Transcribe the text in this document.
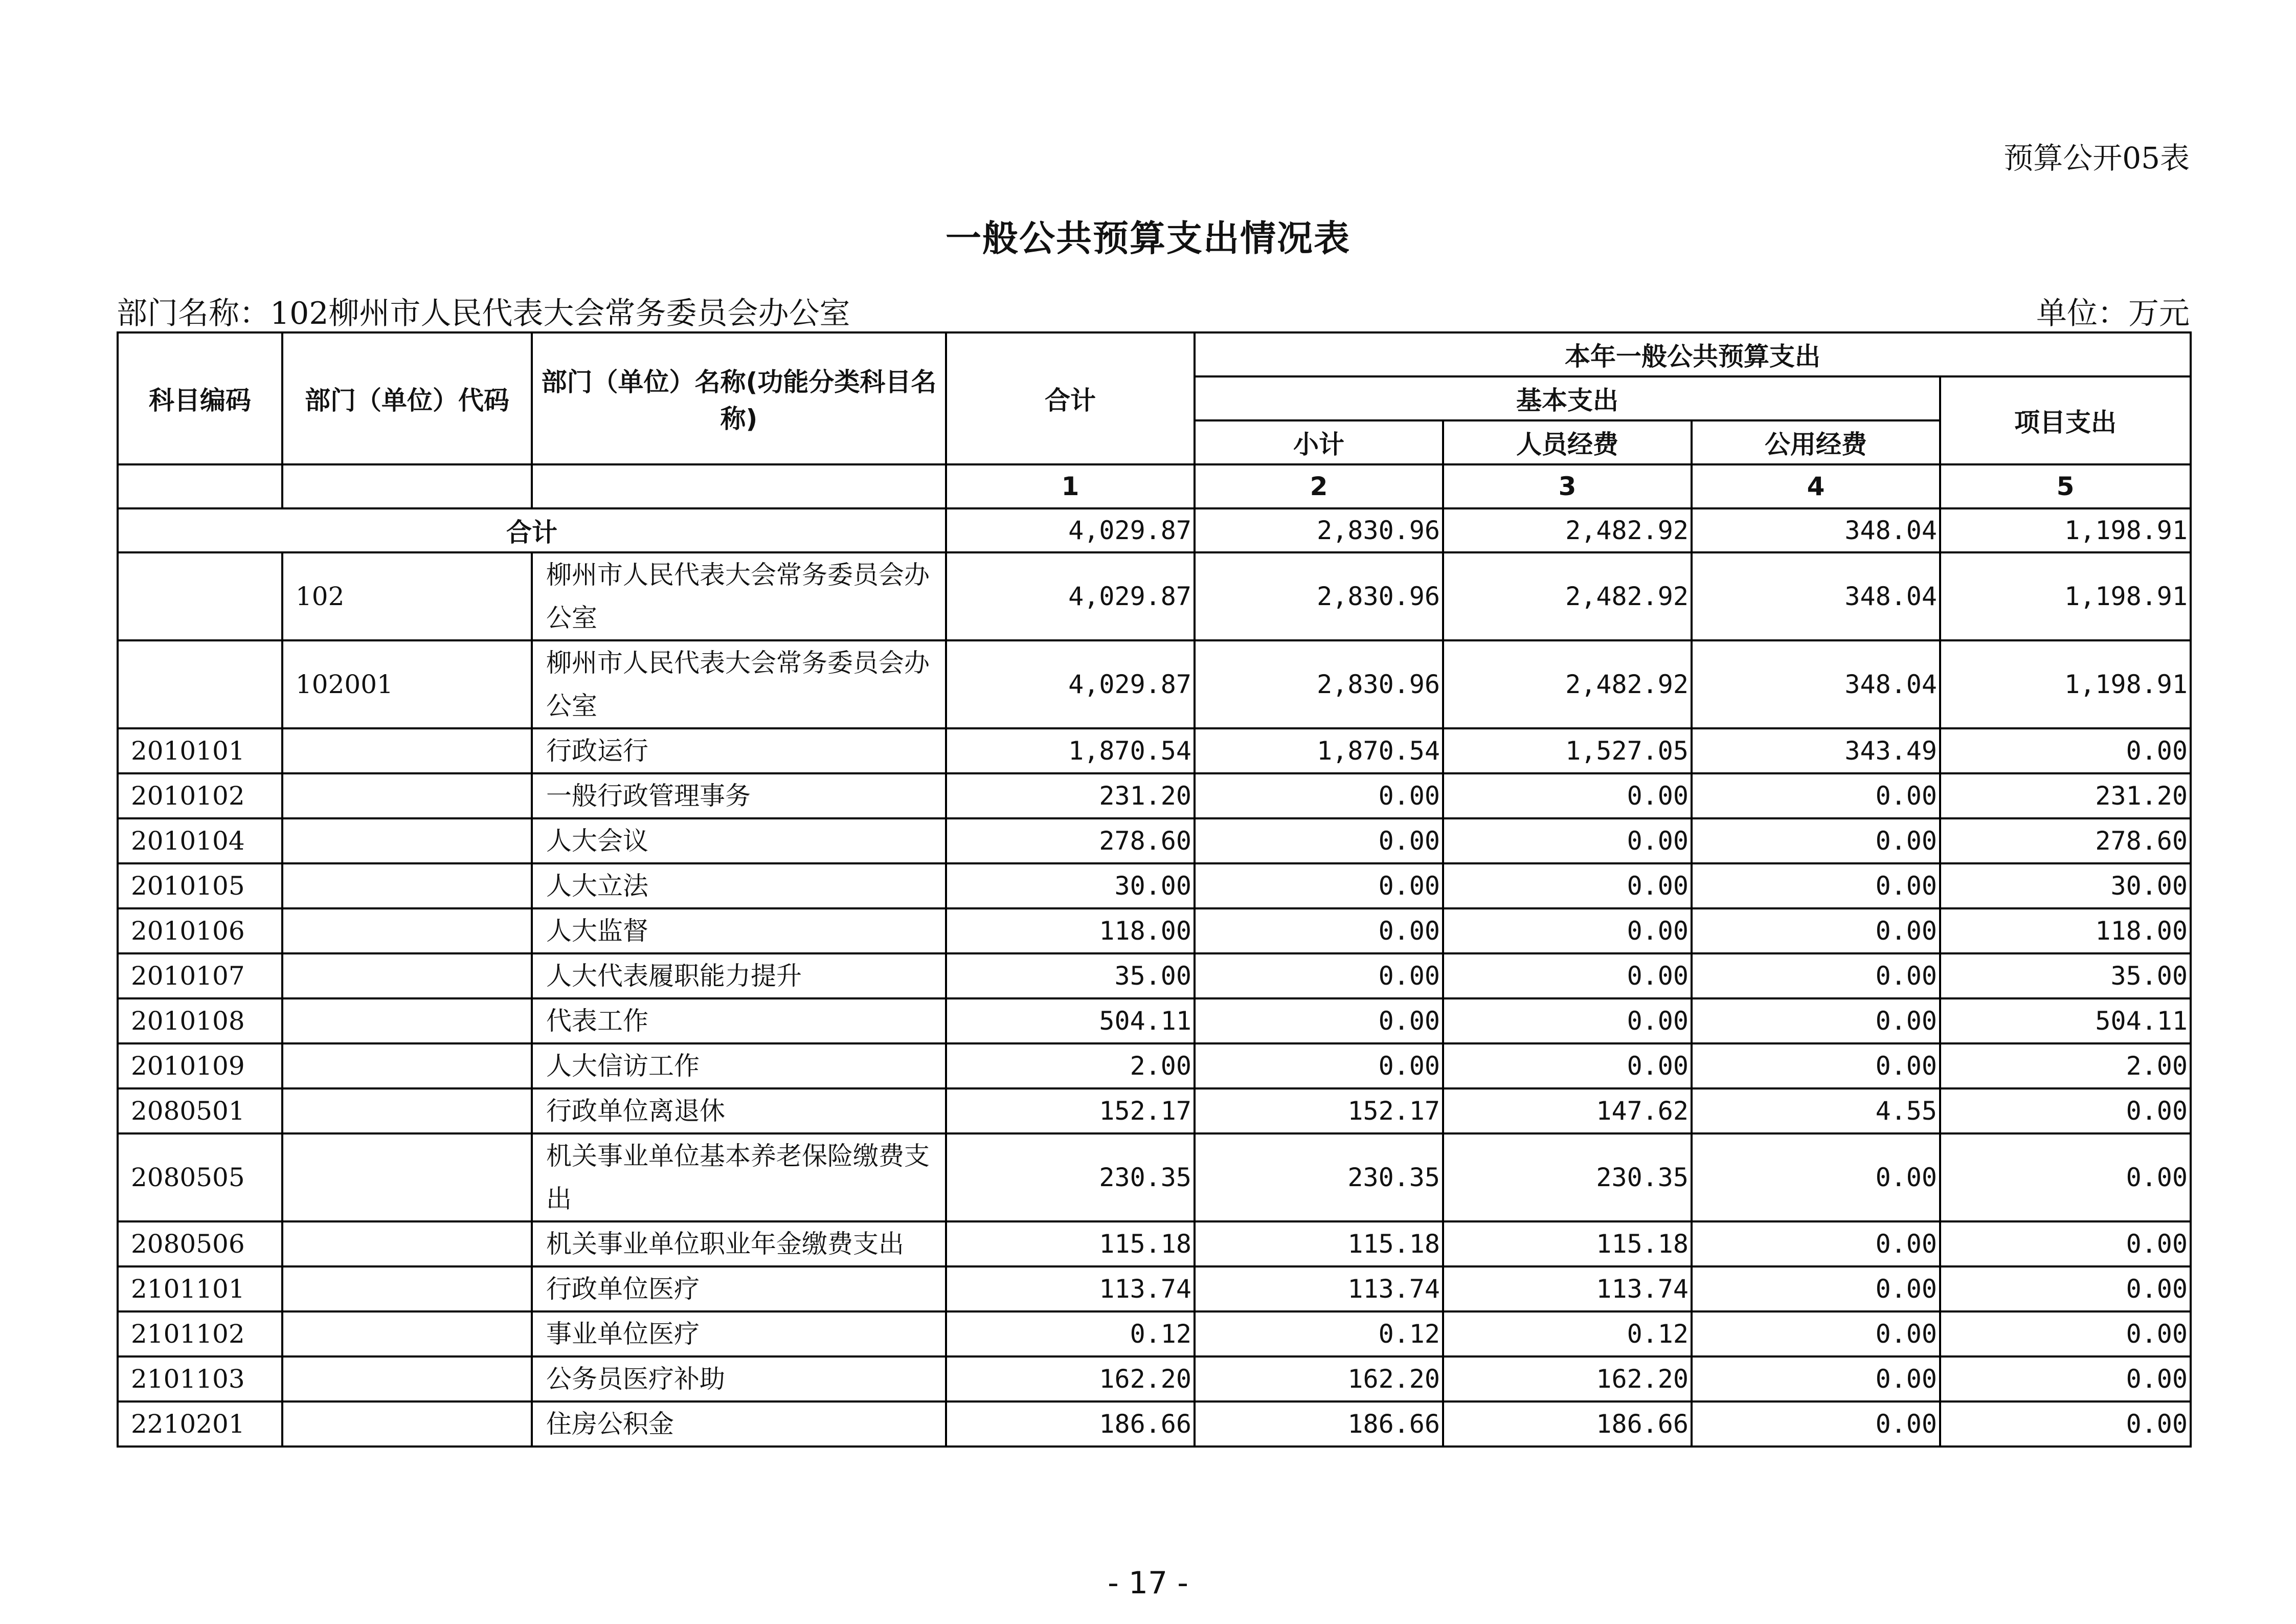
预算公开05表
一般公共预算支出情况表
部门名称：102柳州市人民代表大会常务委员会办公室	单位：万元
科目编码	部门（单位）代码	部门（单位）名称(功能分类科目名称)	合计	本年一般公共预算支出			
				基本支出			项目支出
				小计	人员经费	公用经费	
			1	2	3	4	5
合计			4,029.87	2,830.96	2,482.92	348.04	1,198.91
	102	柳州市人民代表大会常务委员会办公室	4,029.87	2,830.96	2,482.92	348.04	1,198.91
	102001	柳州市人民代表大会常务委员会办公室	4,029.87	2,830.96	2,482.92	348.04	1,198.91
2010101		行政运行	1,870.54	1,870.54	1,527.05	343.49	0.00
2010102		一般行政管理事务	231.20	0.00	0.00	0.00	231.20
2010104		人大会议	278.60	0.00	0.00	0.00	278.60
2010105		人大立法	30.00	0.00	0.00	0.00	30.00
2010106		人大监督	118.00	0.00	0.00	0.00	118.00
2010107		人大代表履职能力提升	35.00	0.00	0.00	0.00	35.00
2010108		代表工作	504.11	0.00	0.00	0.00	504.11
2010109		人大信访工作	2.00	0.00	0.00	0.00	2.00
2080501		行政单位离退休	152.17	152.17	147.62	4.55	0.00
2080505		机关事业单位基本养老保险缴费支出	230.35	230.35	230.35	0.00	0.00
2080506		机关事业单位职业年金缴费支出	115.18	115.18	115.18	0.00	0.00
2101101		行政单位医疗	113.74	113.74	113.74	0.00	0.00
2101102		事业单位医疗	0.12	0.12	0.12	0.00	0.00
2101103		公务员医疗补助	162.20	162.20	162.20	0.00	0.00
2210201		住房公积金	186.66	186.66	186.66	0.00	0.00
- 17 -
